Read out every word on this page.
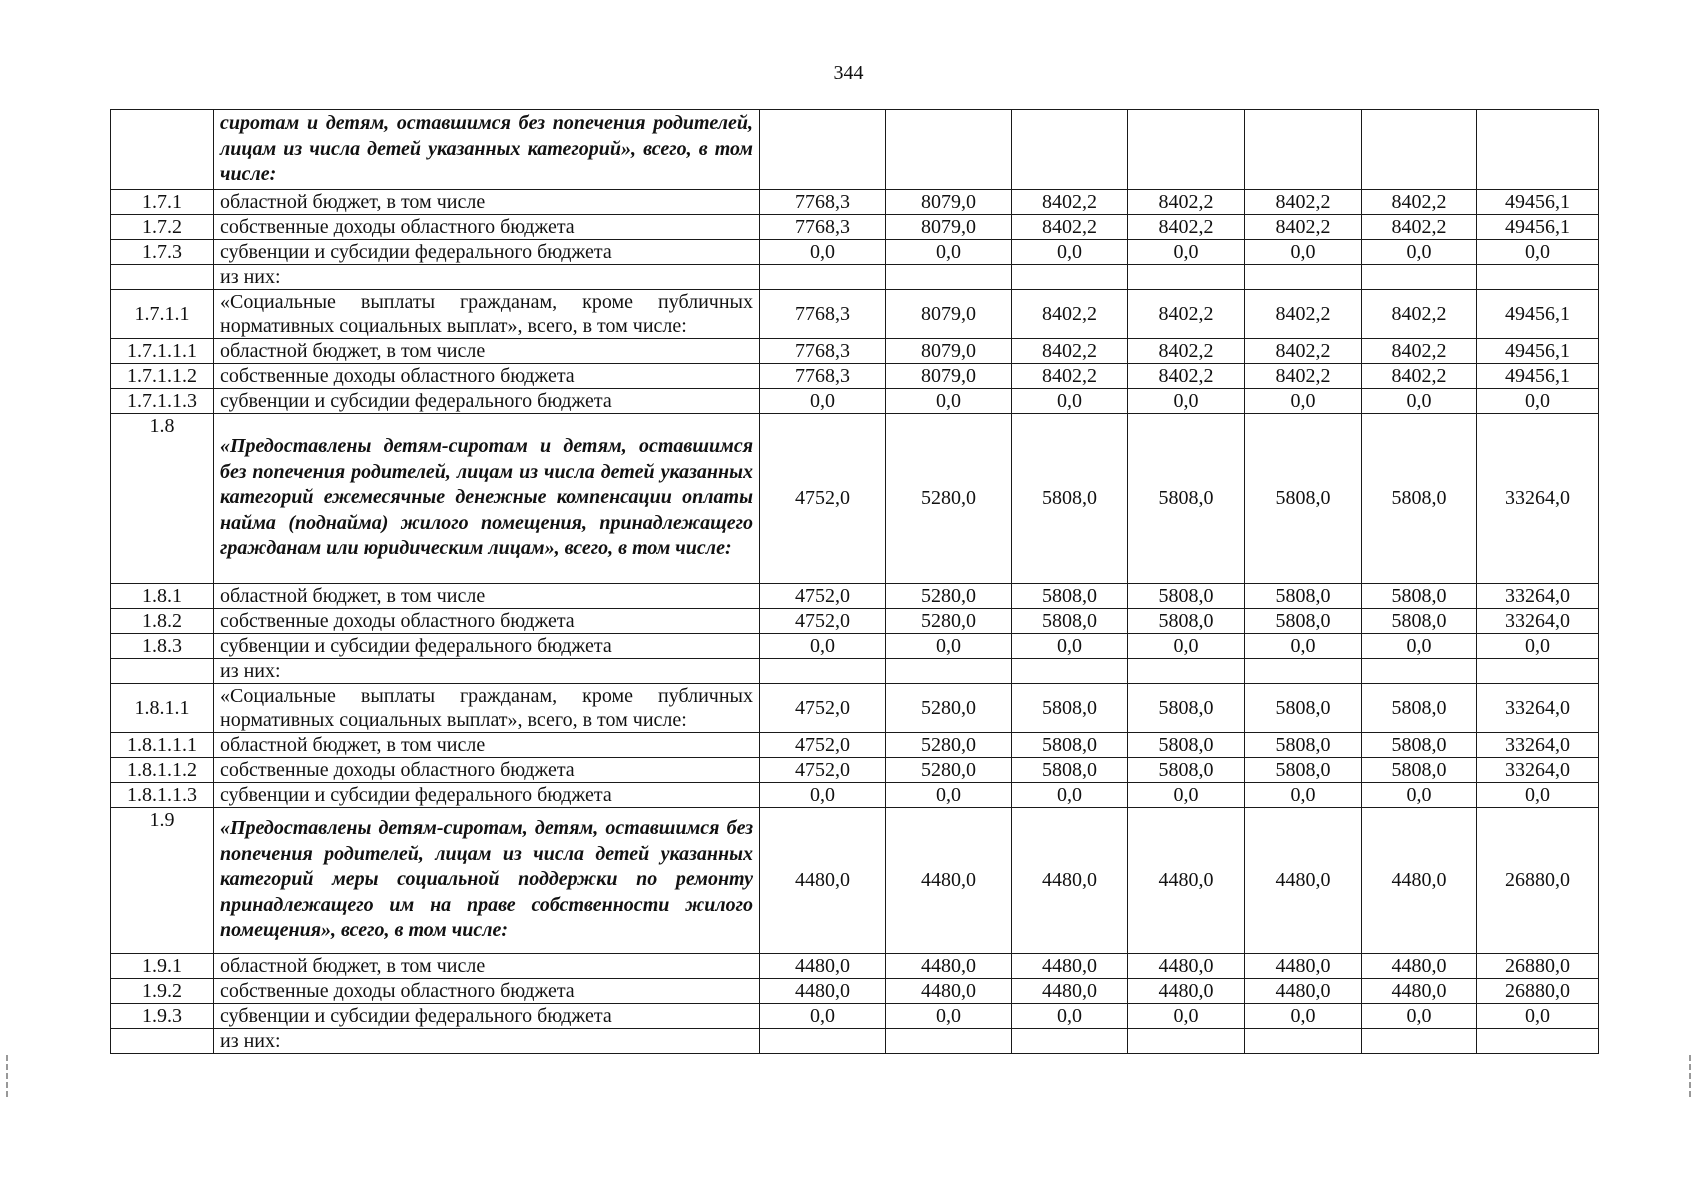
344
	сиротам и детям, оставшимся без попечения родителей, лицам из числа детей указанных категорий», всего, в том числе:								
1.7.1	областной бюджет, в том числе	7768,3	8079,0	8402,2	8402,2	8402,2	8402,2	49456,1	
1.7.2	собственные доходы областного бюджета	7768,3	8079,0	8402,2	8402,2	8402,2	8402,2	49456,1	
1.7.3	субвенции и субсидии федерального бюджета	0,0	0,0	0,0	0,0	0,0	0,0	0,0	
	из них:								
1.7.1.1	«Социальные выплаты гражданам, кроме публичных нормативных социальных выплат», всего, в том числе:	7768,3	8079,0	8402,2	8402,2	8402,2	8402,2	49456,1	
1.7.1.1.1	областной бюджет, в том числе	7768,3	8079,0	8402,2	8402,2	8402,2	8402,2	49456,1	
1.7.1.1.2	собственные доходы областного бюджета	7768,3	8079,0	8402,2	8402,2	8402,2	8402,2	49456,1	
1.7.1.1.3	субвенции и субсидии федерального бюджета	0,0	0,0	0,0	0,0	0,0	0,0	0,0	
1.8	«Предоставлены детям-сиротам и детям, оставшимся без попечения родителей, лицам из числа детей указанных категорий ежемесячные денежные компенсации оплаты найма (поднайма) жилого помещения, принадлежащего гражданам или юридическим лицам», всего, в том числе:	4752,0	5280,0	5808,0	5808,0	5808,0	5808,0	33264,0	
1.8.1	областной бюджет, в том числе	4752,0	5280,0	5808,0	5808,0	5808,0	5808,0	33264,0	
1.8.2	собственные доходы областного бюджета	4752,0	5280,0	5808,0	5808,0	5808,0	5808,0	33264,0	
1.8.3	субвенции и субсидии федерального бюджета	0,0	0,0	0,0	0,0	0,0	0,0	0,0	
	из них:								
1.8.1.1	«Социальные выплаты гражданам, кроме публичных нормативных социальных выплат», всего, в том числе:	4752,0	5280,0	5808,0	5808,0	5808,0	5808,0	33264,0	
1.8.1.1.1	областной бюджет, в том числе	4752,0	5280,0	5808,0	5808,0	5808,0	5808,0	33264,0	
1.8.1.1.2	собственные доходы областного бюджета	4752,0	5280,0	5808,0	5808,0	5808,0	5808,0	33264,0	
1.8.1.1.3	субвенции и субсидии федерального бюджета	0,0	0,0	0,0	0,0	0,0	0,0	0,0	
1.9	«Предоставлены детям-сиротам, детям, оставшимся без попечения родителей, лицам из числа детей указанных категорий меры социальной поддержки по ремонту принадлежащего им на праве собственности жилого помещения», всего, в том числе:	4480,0	4480,0	4480,0	4480,0	4480,0	4480,0	26880,0	
1.9.1	областной бюджет, в том числе	4480,0	4480,0	4480,0	4480,0	4480,0	4480,0	26880,0	
1.9.2	собственные доходы областного бюджета	4480,0	4480,0	4480,0	4480,0	4480,0	4480,0	26880,0	
1.9.3	субвенции и субсидии федерального бюджета	0,0	0,0	0,0	0,0	0,0	0,0	0,0	
	из них:								
